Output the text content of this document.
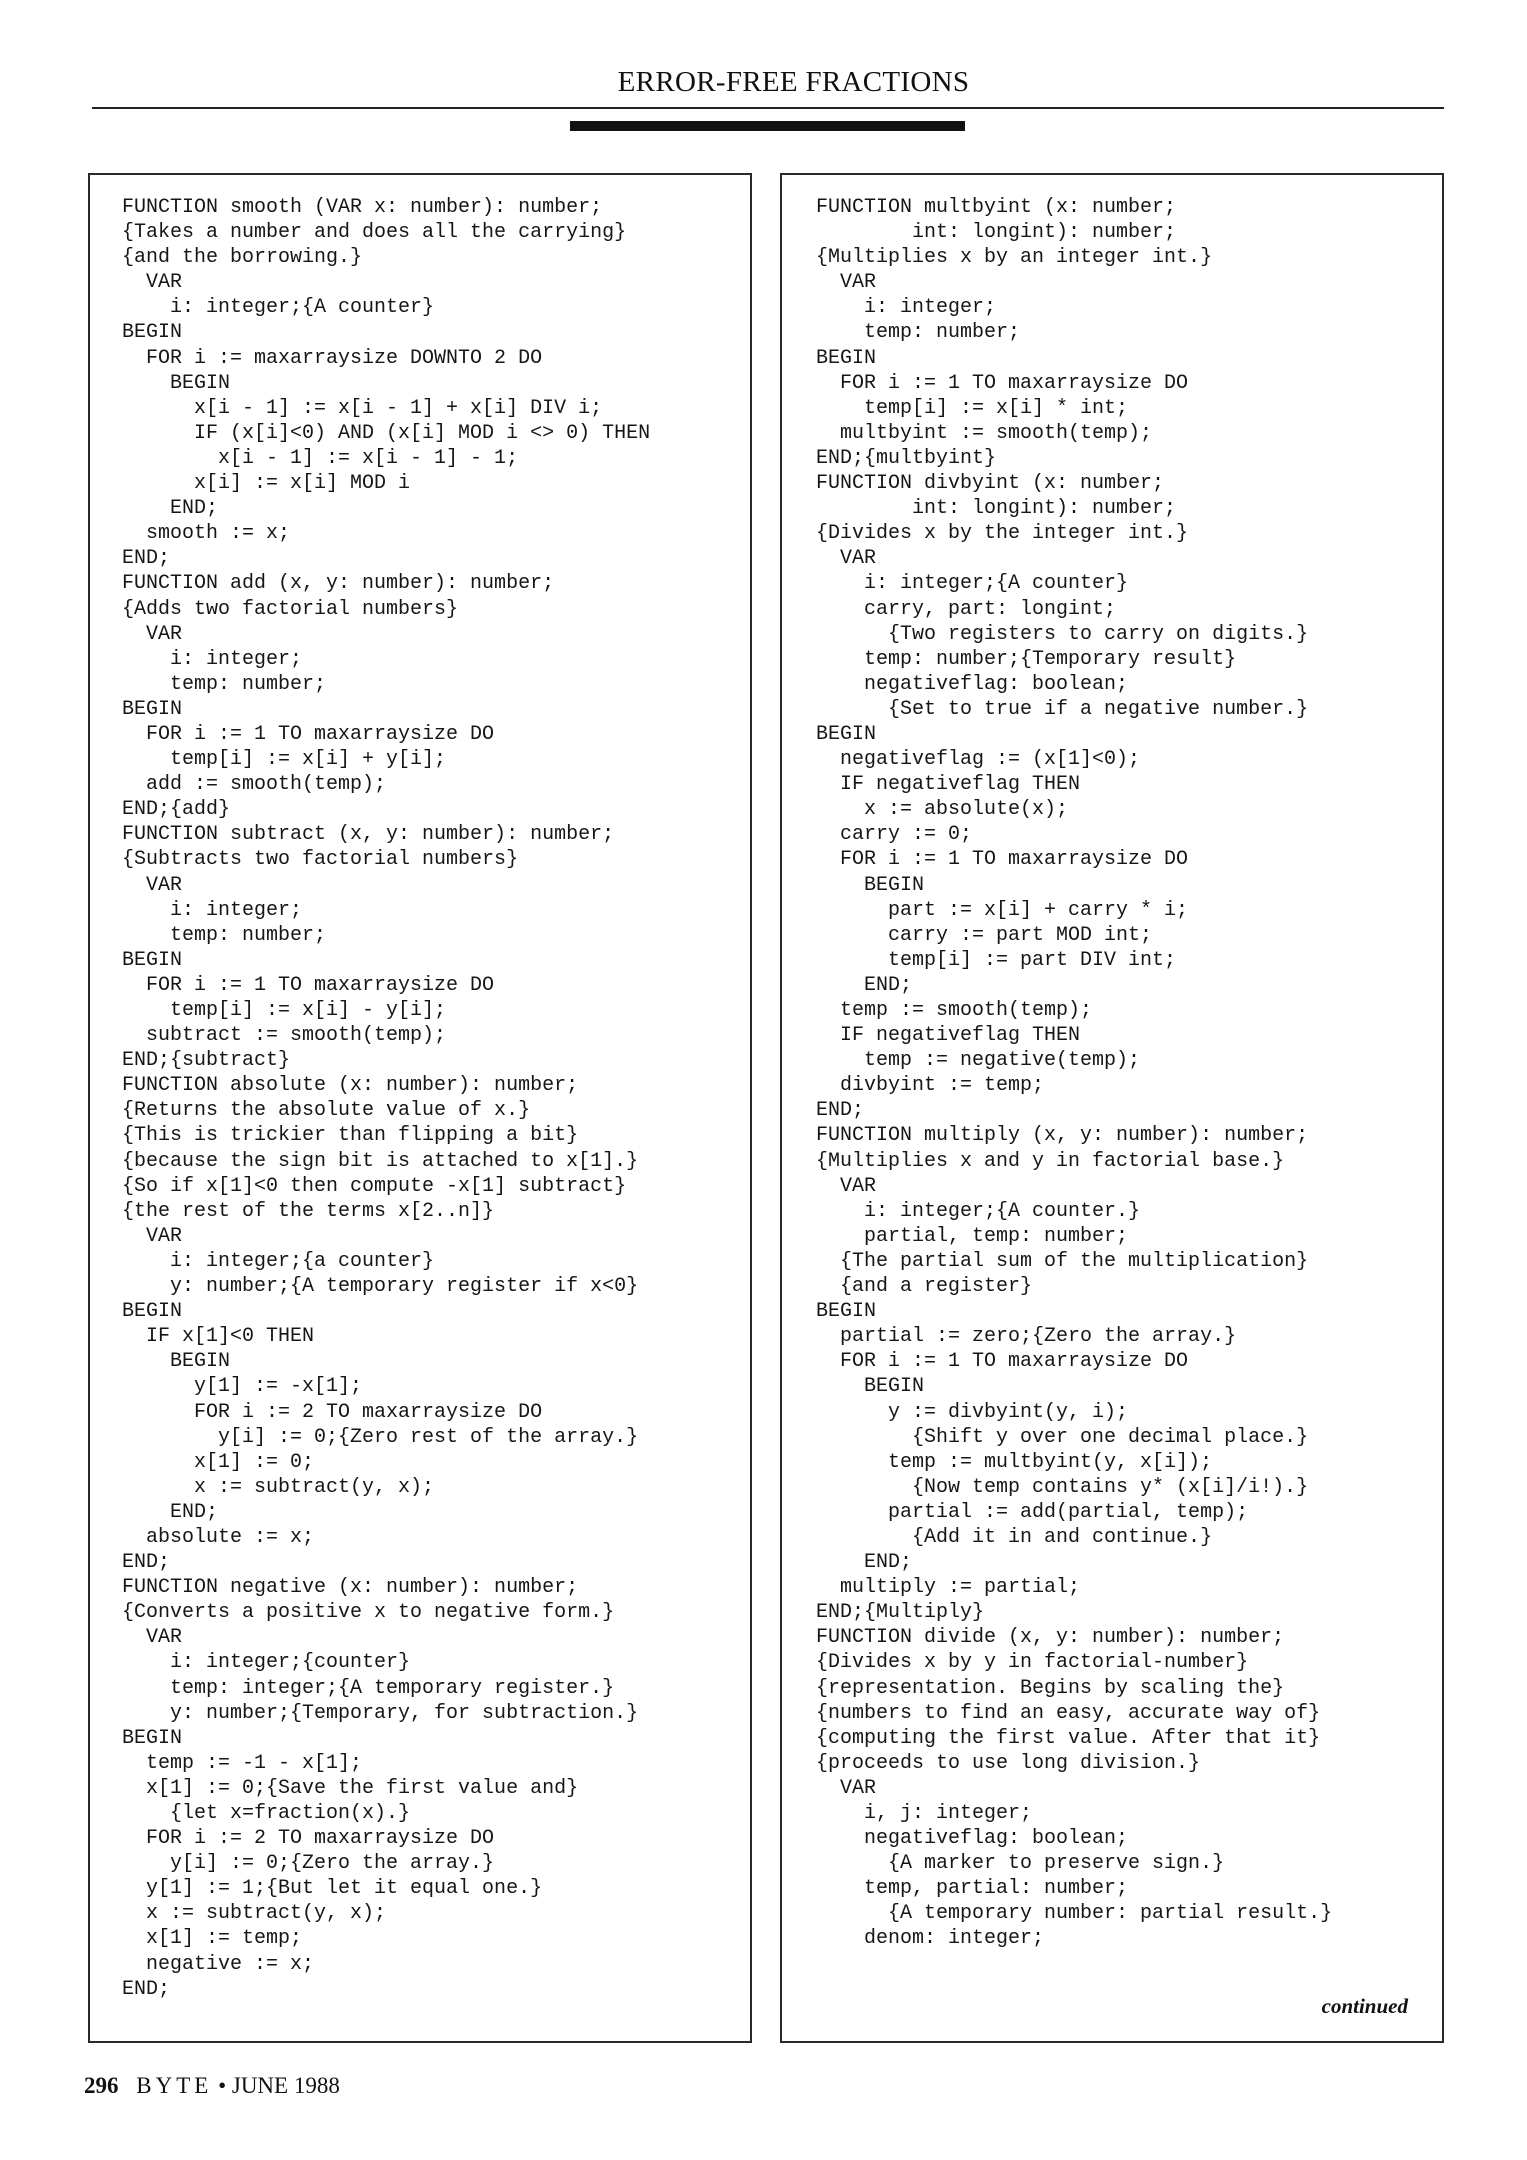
ERROR-FREE FRACTIONS
FUNCTION smooth (VAR x: number): number;
{Takes a number and does all the carrying}
{and the borrowing.}
VAR
i: integer;{A counter}
BEGIN
FOR i := maxarraysize DOWNTO 2 DO
BEGIN
x[i - 1] := x[i - 1] + x[i] DIV i;
IF (x[i]<0) AND (x[i] MOD i <> 0) THEN
x[i - 1] := x[i - 1] - 1;
x[i] := x[i] MOD i
END;
smooth := x;
END;
FUNCTION add (x, y: number): number;
{Adds two factorial numbers}
VAR
i: integer;
temp: number;
BEGIN
FOR i := 1 TO maxarraysize DO
temp[i] := x[i] + y[i];
add := smooth(temp);
END;{add}
FUNCTION subtract (x, y: number): number;
{Subtracts two factorial numbers}
VAR
i: integer;
temp: number;
BEGIN
FOR i := 1 TO maxarraysize DO
temp[i] := x[i] - y[i];
subtract := smooth(temp);
END;{subtract}
FUNCTION absolute (x: number): number;
{Returns the absolute value of x.}
{This is trickier than flipping a bit}
{because the sign bit is attached to x[1].}
{So if x[1]<0 then compute -x[1] subtract}
{the rest of the terms x[2..n]}
VAR
i: integer;{a counter}
y: number;{A temporary register if x<0}
BEGIN
IF x[1]<0 THEN
BEGIN
y[1] := -x[1];
FOR i := 2 TO maxarraysize DO
y[i] := 0;{Zero rest of the array.}
x[1] := 0;
x := subtract(y, x);
END;
absolute := x;
END;
FUNCTION negative (x: number): number;
{Converts a positive x to negative form.}
VAR
i: integer;{counter}
temp: integer;{A temporary register.}
y: number;{Temporary, for subtraction.}
BEGIN
temp := -1 - x[1];
x[1] := 0;{Save the first value and}
{let x=fraction(x).}
FOR i := 2 TO maxarraysize DO
y[i] := 0;{Zero the array.}
y[1] := 1;{But let it equal one.}
x := subtract(y, x);
x[1] := temp;
negative := x;
END;

FUNCTION multbyint (x: number;
int: longint): number;
{Multiplies x by an integer int.}
VAR
i: integer;
temp: number;
BEGIN
FOR i := 1 TO maxarraysize DO
temp[i] := x[i] * int;
multbyint := smooth(temp);
END;{multbyint}
FUNCTION divbyint (x: number;
int: longint): number;
{Divides x by the integer int.}
VAR
i: integer;{A counter}
carry, part: longint;
{Two registers to carry on digits.}
temp: number;{Temporary result}
negativeflag: boolean;
{Set to true if a negative number.}
BEGIN
negativeflag := (x[1]<0);
IF negativeflag THEN
x := absolute(x);
carry := 0;
FOR i := 1 TO maxarraysize DO
BEGIN
part := x[i] + carry * i;
carry := part MOD int;
temp[i] := part DIV int;
END;
temp := smooth(temp);
IF negativeflag THEN
temp := negative(temp);
divbyint := temp;
END;
FUNCTION multiply (x, y: number): number;
{Multiplies x and y in factorial base.}
VAR
i: integer;{A counter.}
partial, temp: number;
{The partial sum of the multiplication}
{and a register}
BEGIN
partial := zero;{Zero the array.}
FOR i := 1 TO maxarraysize DO
BEGIN
y := divbyint(y, i);
{Shift y over one decimal place.}
temp := multbyint(y, x[i]);
{Now temp contains y* (x[i]/i!).}
partial := add(partial, temp);
{Add it in and continue.}
END;
multiply := partial;
END;{Multiply}
FUNCTION divide (x, y: number): number;
{Divides x by y in factorial-number}
{representation. Begins by scaling the}
{numbers to find an easy, accurate way of}
{computing the first value. After that it}
{proceeds to use long division.}
VAR
i, j: integer;
negativeflag: boolean;
{A marker to preserve sign.}
temp, partial: number;
{A temporary number: partial result.}
denom: integer;

continued
296 BYTE • JUNE 1988
